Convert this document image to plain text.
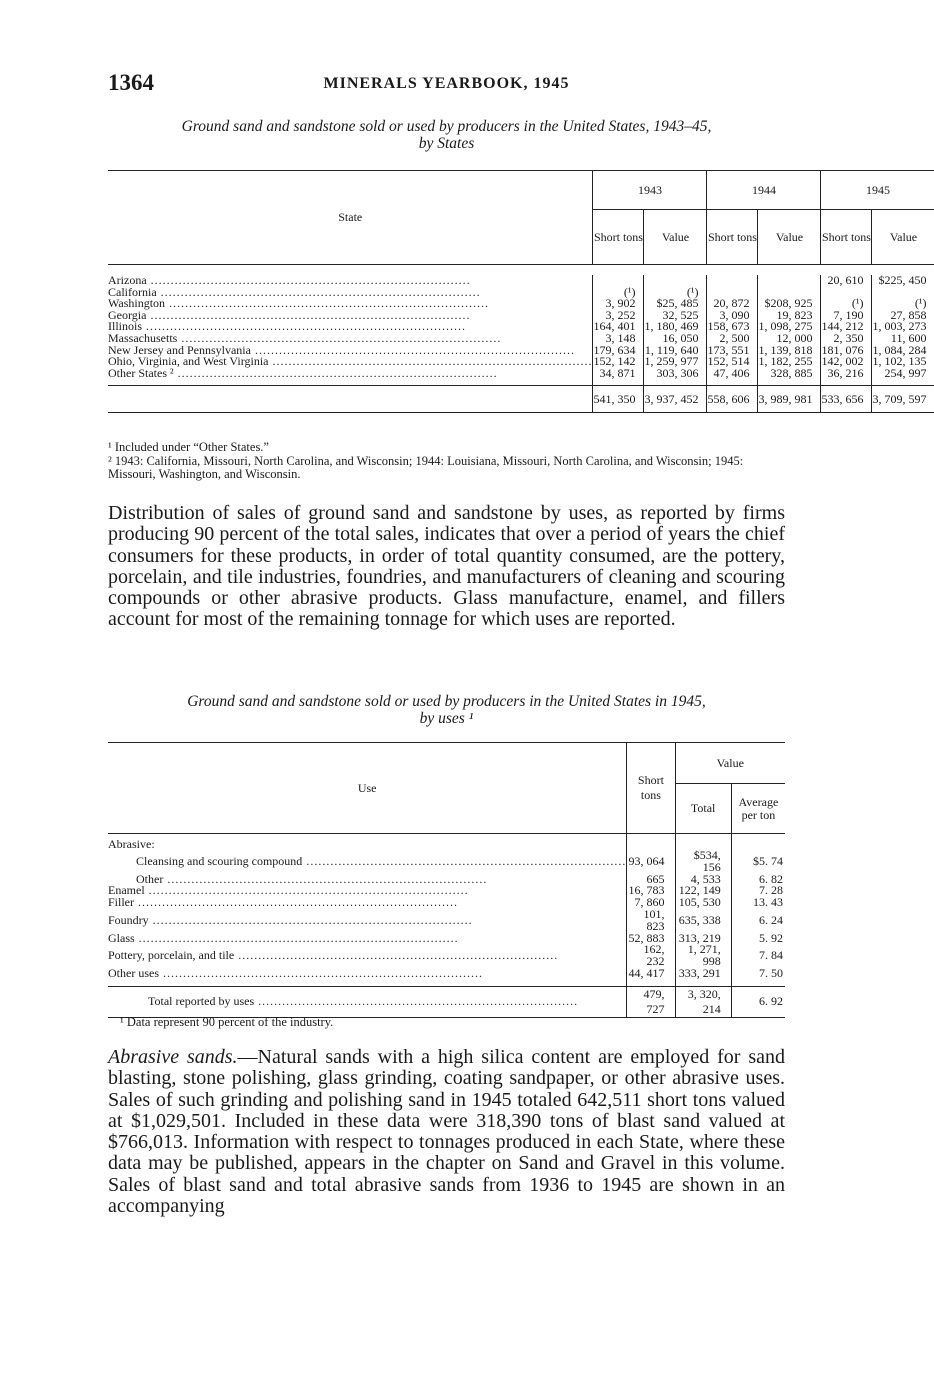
1364	MINERALS YEARBOOK, 1945
Ground sand and sandstone sold or used by producers in the United States, 1943–45,
by States
State	1943		1944		1945	
	Short tons	Value	Short tons	Value	Short tons	Value

Arizona .....					20, 610	$225, 450
California .....	(¹)	(¹)				
Washington .....	3, 902	$25, 485	20, 872	$208, 925	(¹)	(¹)
Georgia .....	3, 252	32, 525	3, 090	19, 823	7, 190	27, 858
Illinois .....	164, 401	1, 180, 469	158, 673	1, 098, 275	144, 212	1, 003, 273
Massachusetts .....	3, 148	16, 050	2, 500	12, 000	2, 350	11, 600
New Jersey and Pennsylvania .....	179, 634	1, 119, 640	173, 551	1, 139, 818	181, 076	1, 084, 284
Ohio, Virginia, and West Virginia .....	152, 142	1, 259, 977	152, 514	1, 182, 255	142, 002	1, 102, 135
Other States ² .....	34, 871	303, 306	47, 406	328, 885	36, 216	254, 997

	541, 350	3, 937, 452	558, 606	3, 989, 981	533, 656	3, 709, 597
¹ Included under “Other States.”
² 1943: California, Missouri, North Carolina, and Wisconsin; 1944: Louisiana, Missouri, North Carolina, and Wisconsin; 1945: Missouri, Washington, and Wisconsin.
Distribution of sales of ground sand and sandstone by uses, as reported by firms producing 90 percent of the total sales, indicates that over a period of years the chief consumers for these products, in order of total quantity consumed, are the pottery, porcelain, and tile industries, foundries, and manufacturers of cleaning and scouring compounds or other abrasive products. Glass manufacture, enamel, and fillers account for most of the remaining tonnage for which uses are reported.
Ground sand and sandstone sold or used by producers in the United States in 1945,
by uses ¹
Use	Short tons	Value	
		Total	Average per ton
Abrasive:			
Cleansing and scouring compound .....	93, 064	$534, 156	$5. 74
Other .....	665	4, 533	6. 82
Enamel .....	16, 783	122, 149	7. 28
Filler .....	7, 860	105, 530	13. 43
Foundry .....	101, 823	635, 338	6. 24
Glass .....	52, 883	313, 219	5. 92
Pottery, porcelain, and tile .....	162, 232	1, 271, 998	7. 84
Other uses .....	44, 417	333, 291	7. 50

Total reported by uses .....	479, 727	3, 320, 214	6. 92
¹ Data represent 90 percent of the industry.
Abrasive sands.—Natural sands with a high silica content are employed for sand blasting, stone polishing, glass grinding, coating sandpaper, or other abrasive uses. Sales of such grinding and polishing sand in 1945 totaled 642,511 short tons valued at $1,029,501. Included in these data were 318,390 tons of blast sand valued at $766,013. Information with respect to tonnages produced in each State, where these data may be published, appears in the chapter on Sand and Gravel in this volume. Sales of blast sand and total abrasive sands from 1936 to 1945 are shown in an accompanying
